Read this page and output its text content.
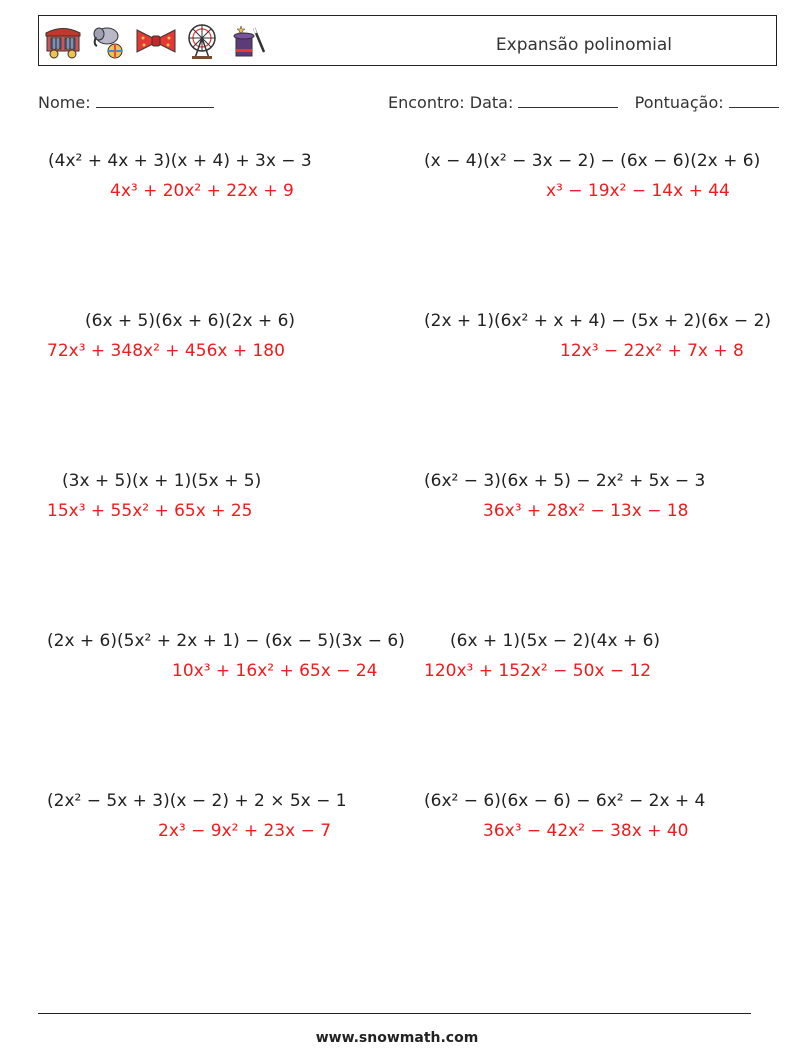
Expansão polinomial
Nome:	Encontro: Data:	Pontuação:
(4x² + 4x + 3)(x + 4) + 3x − 3
4x³ + 20x² + 22x + 9
(6x + 5)(6x + 6)(2x + 6)
72x³ + 348x² + 456x + 180
(3x + 5)(x + 1)(5x + 5)
15x³ + 55x² + 65x + 25
(2x + 6)(5x² + 2x + 1) − (6x − 5)(3x − 6)
10x³ + 16x² + 65x − 24
(2x² − 5x + 3)(x − 2) + 2 × 5x − 1
2x³ − 9x² + 23x − 7
(x − 4)(x² − 3x − 2) − (6x − 6)(2x + 6)
x³ − 19x² − 14x + 44
(2x + 1)(6x² + x + 4) − (5x + 2)(6x − 2)
12x³ − 22x² + 7x + 8
(6x² − 3)(6x + 5) − 2x² + 5x − 3
36x³ + 28x² − 13x − 18
(6x + 1)(5x − 2)(4x + 6)
120x³ + 152x² − 50x − 12
(6x² − 6)(6x − 6) − 6x² − 2x + 4
36x³ − 42x² − 38x + 40
www.snowmath.com
